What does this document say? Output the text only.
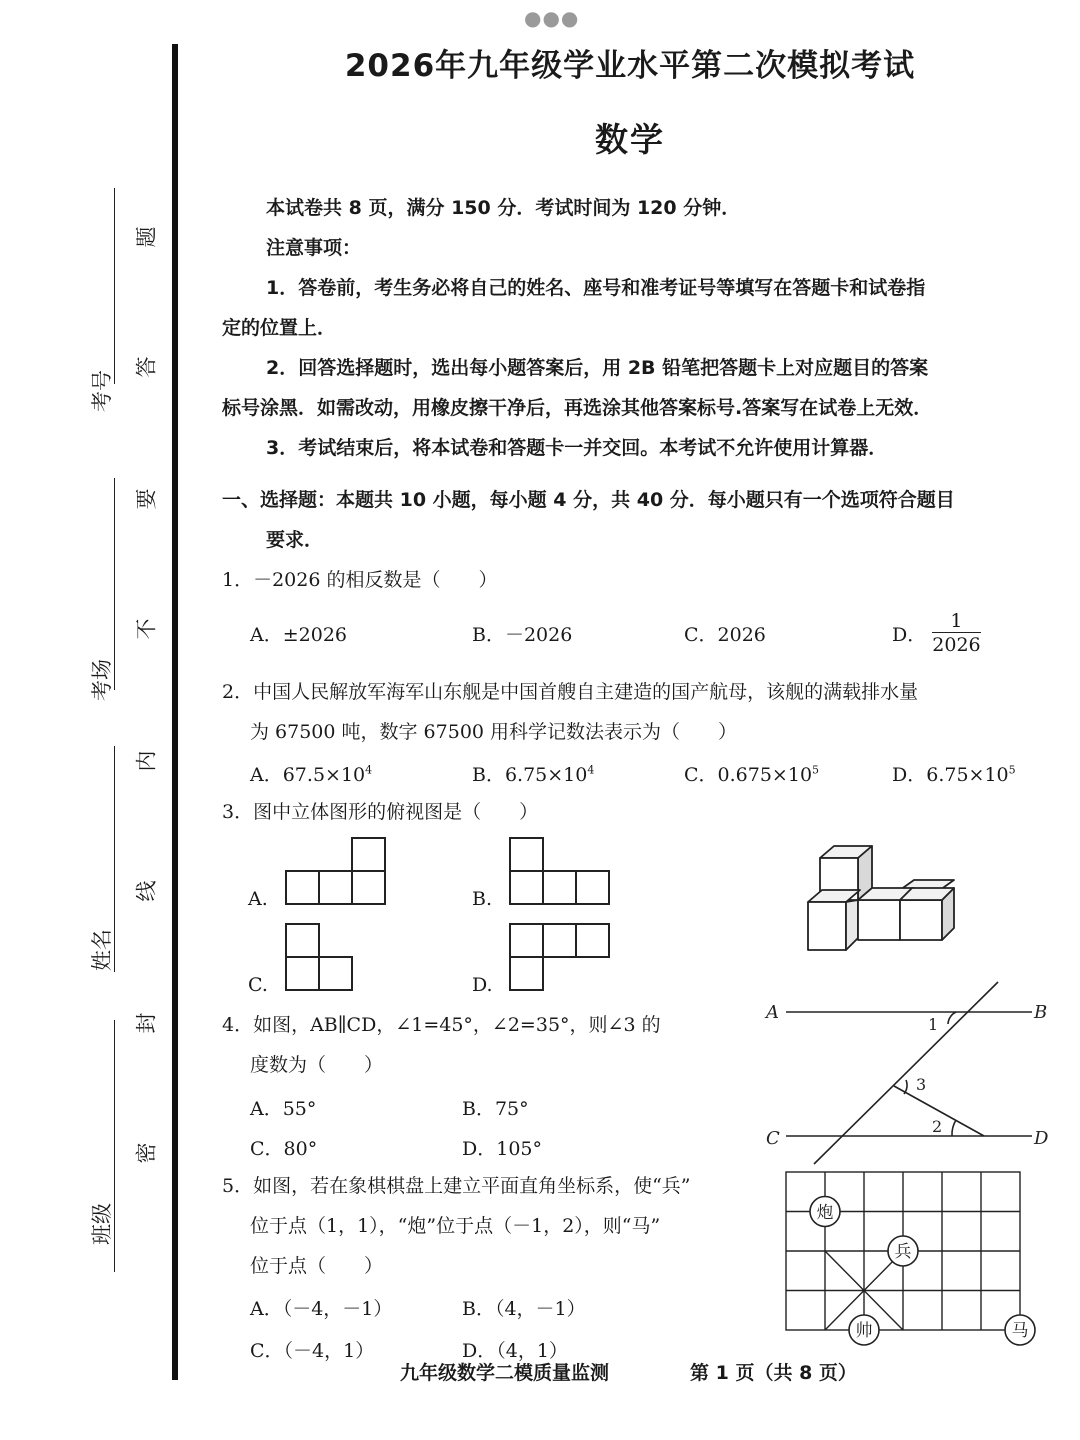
●●●
考号
考场
姓名
班级
题
答
要
不
内
线
封
密
2026年九年级学业水平第二次模拟考试
数学
本试卷共 8 页，满分 150 分．考试时间为 120 分钟．
注意事项：
1．答卷前，考生务必将自己的姓名、座号和准考证号等填写在答题卡和试卷指
定的位置上．
2．回答选择题时，选出每小题答案后，用 2B 铅笔把答题卡上对应题目的答案
标号涂黑．如需改动，用橡皮擦干净后，再选涂其他答案标号.答案写在试卷上无效．
3．考试结束后，将本试卷和答题卡一并交回。本考试不允许使用计算器．
一、选择题：本题共 10 小题，每小题 4 分，共 40 分．每小题只有一个选项符合题目
要求．
1．－2026 的相反数是（　　）
A．±2026	B．－2026	C．2026	D． $\frac{1}{2026}$
2．中国人民解放军海军山东舰是中国首艘自主建造的国产航母，该舰的满载排水量
为 67500 吨，数字 67500 用科学记数法表示为（　　）
A．$67.5\times 10^4$	B．$6.75\times 10^4$	C．$0.675\times 10^5$	D．$6.75\times 10^5$
3．图中立体图形的俯视图是（　　）
A.	B.
C.	D.
4．如图，AB∥CD，∠1=45°，∠2=35°，则∠3 的
度数为（　　）
A．55°	B．75°
C．80°	D．105°
A	B
C	D
1
3
2
5．如图，若在象棋棋盘上建立平面直角坐标系，使“兵”
位于点（1，1），“炮”位于点（－1，2），则“马”
位于点（　　）
A．（－4，－1）	B．（4，－1）
C．（－4，1）	D．（4，1）
炮
兵
帅	马
九年级数学二模质量监测	第 1 页（共 8 页）
